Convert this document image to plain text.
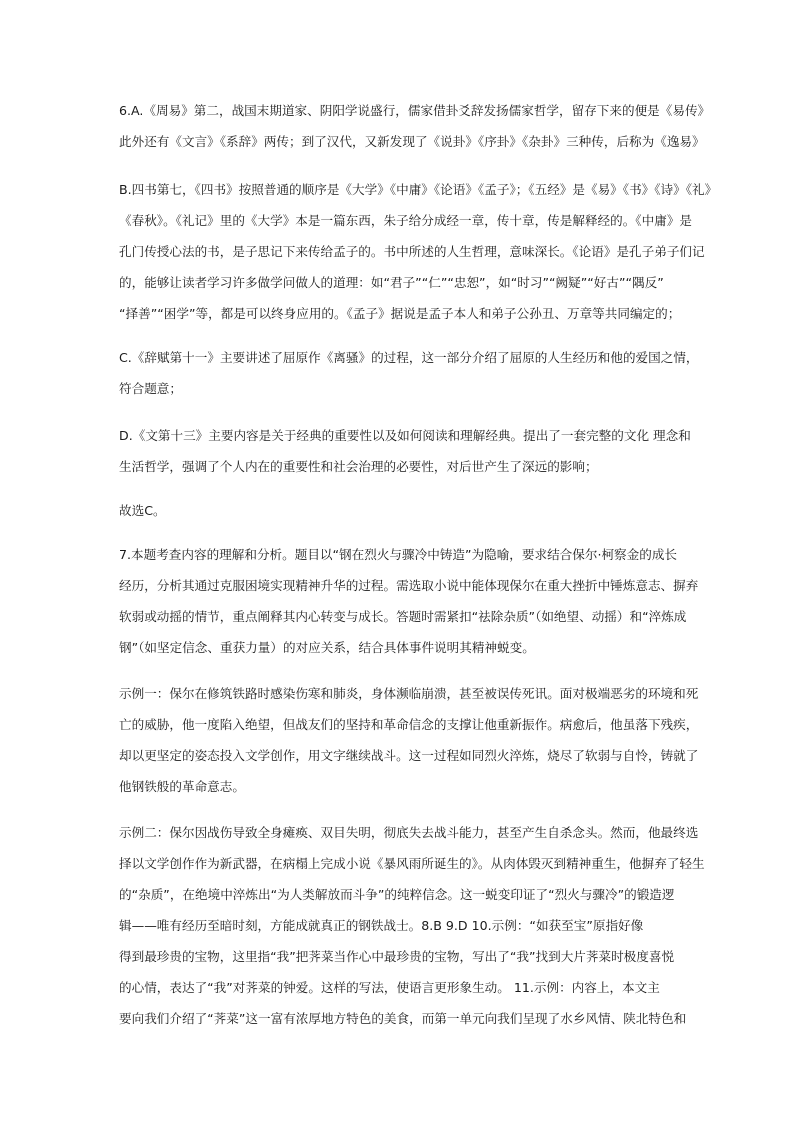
6.A.《周易》第二，战国末期道家、阴阳学说盛行，儒家借卦爻辞发扬儒家哲学，留存下来的便是《易传》
此外还有《文言》《系辞》两传；到了汉代，又新发现了《说卦》《序卦》《杂卦》三种传，后称为《逸易》
B.四书第七，《四书》按照普通的顺序是《大学》《中庸》《论语》《孟子》；《五经》是《易》《书》《诗》《礼》
《春秋》。《礼记》里的《大学》本是一篇东西，朱子给分成经一章，传十章，传是解释经的。《中庸》是
孔门传授心法的书，是子思记下来传给孟子的。书中所述的人生哲理，意味深长。《论语》是孔子弟子们记
的，能够让读者学习许多做学问做人的道理：如“君子”“仁”“忠恕”，如“时习”“阙疑”“好古”“隅反”
“择善”“困学”等，都是可以终身应用的。《孟子》据说是孟子本人和弟子公孙丑、万章等共同编定的；
C.《辞赋第十一》主要讲述了屈原作《离骚》的过程，这一部分介绍了屈原的人生经历和他的爱国之情，
符合题意；
D.《文第十三》主要内容是关于经典的重要性以及如何阅读和理解经典。提出了一套完整的文化 理念和
生活哲学，强调了个人内在的重要性和社会治理的必要性，对后世产生了深远的影响；
故选C。
7.本题考查内容的理解和分析。题目以“钢在烈火与骤冷中铸造”为隐喻，要求结合保尔·柯察金的成长
经历，分析其通过克服困境实现精神升华的过程。需选取小说中能体现保尔在重大挫折中锤炼意志、摒弃
软弱或动摇的情节，重点阐释其内心转变与成长。答题时需紧扣“祛除杂质”（如绝望、动摇）和“淬炼成
钢”（如坚定信念、重获力量）的对应关系，结合具体事件说明其精神蜕变。
示例一：保尔在修筑铁路时感染伤寒和肺炎，身体濒临崩溃，甚至被误传死讯。面对极端恶劣的环境和死
亡的威胁，他一度陷入绝望，但战友们的坚持和革命信念的支撑让他重新振作。病愈后，他虽落下残疾，
却以更坚定的姿态投入文学创作，用文字继续战斗。这一过程如同烈火淬炼，烧尽了软弱与自怜，铸就了
他钢铁般的革命意志。
示例二：保尔因战伤导致全身瘫痪、双目失明，彻底失去战斗能力，甚至产生自杀念头。然而，他最终选
择以文学创作作为新武器，在病榻上完成小说《暴风雨所诞生的》。从肉体毁灭到精神重生，他摒弃了轻生
的“杂质”，在绝境中淬炼出“为人类解放而斗争”的纯粹信念。这一蜕变印证了“烈火与骤冷”的锻造逻
辑——唯有经历至暗时刻，方能成就真正的钢铁战士。8.B 9.D 10.示例：“如获至宝”原指好像
得到最珍贵的宝物，这里指“我”把荠菜当作心中最珍贵的宝物，写出了“我”找到大片荠菜时极度喜悦
的心情，表达了“我”对荠菜的钟爱。这样的写法，使语言更形象生动。 11.示例：内容上，本文主
要向我们介绍了“荠菜”这一富有浓厚地方特色的美食，而第一单元向我们呈现了水乡风情、陕北特色和
